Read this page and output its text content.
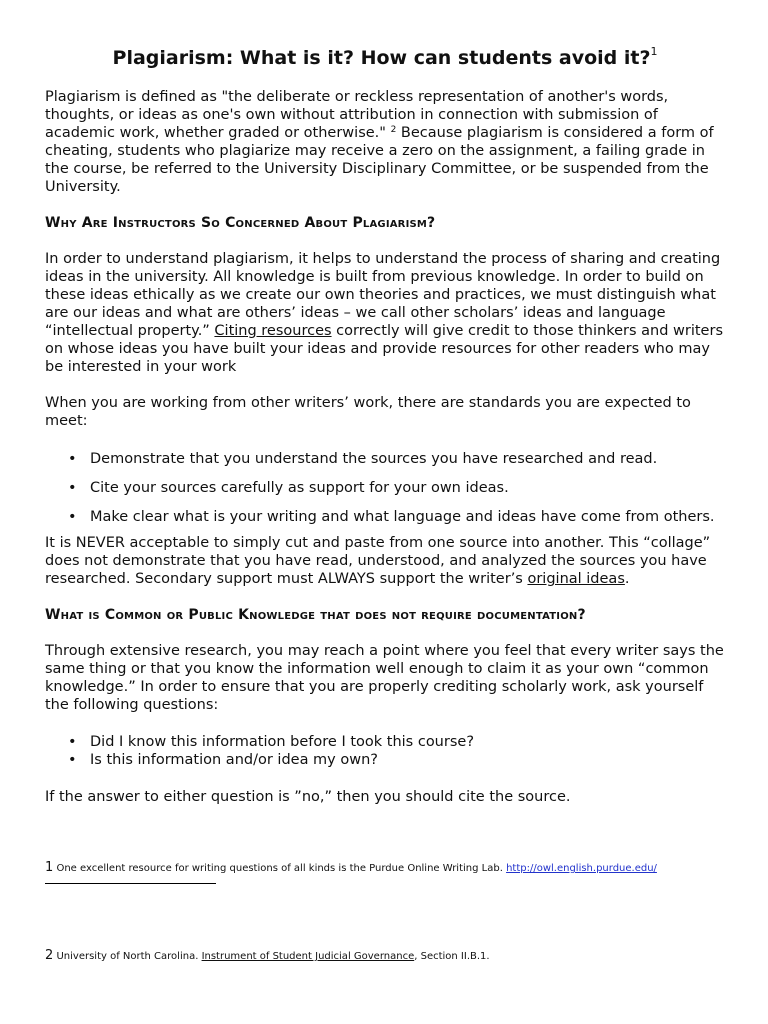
Plagiarism: What is it? How can students avoid it?$^1$

Plagiarism is defined as "the deliberate or reckless representation of another's words, thoughts, or ideas as one's own without attribution in connection with submission of academic work, whether graded or otherwise." $^2$ Because plagiarism is considered a form of cheating, students who plagiarize may receive a zero on the assignment, a failing grade in the course, be referred to the University Disciplinary Committee, or be suspended from the University.

Why Are Instructors So Concerned About Plagiarism?

In order to understand plagiarism, it helps to understand the process of sharing and creating ideas in the university. All knowledge is built from previous knowledge. In order to build on these ideas ethically as we create our own theories and practices, we must distinguish what are our ideas and what are others’ ideas – we call other scholars’ ideas and language “intellectual property.” Citing resources correctly will give credit to those thinkers and writers on whose ideas you have built your ideas and provide resources for other readers who may be interested in your work

When you are working from other writers’ work, there are standards you are expected to meet:

• Demonstrate that you understand the sources you have researched and read.
• Cite your sources carefully as support for your own ideas.
• Make clear what is your writing and what language and ideas have come from others.

It is NEVER acceptable to simply cut and paste from one source into another. This “collage” does not demonstrate that you have read, understood, and analyzed the sources you have researched. Secondary support must ALWAYS support the writer’s original ideas.

What is Common or Public Knowledge that does not require documentation?

Through extensive research, you may reach a point where you feel that every writer says the same thing or that you know the information well enough to claim it as your own “common knowledge.” In order to ensure that you are properly crediting scholarly work, ask yourself the following questions:

• Did I know this information before I took this course?
• Is this information and/or idea my own?

If the answer to either question is ”no,” then you should cite the source.

1 One excellent resource for writing questions of all kinds is the Purdue Online Writing Lab. http://owl.english.purdue.edu/
2 University of North Carolina. Instrument of Student Judicial Governance, Section II.B.1.
